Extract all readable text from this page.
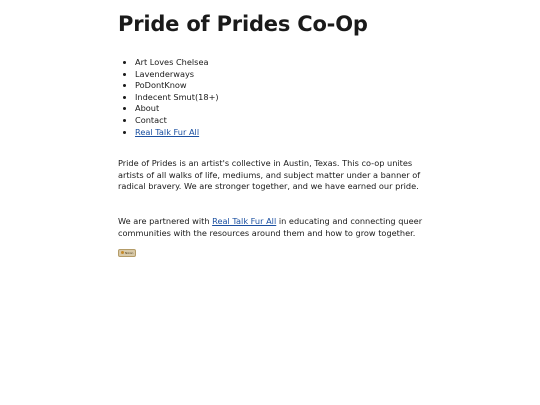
Pride of Prides Co-Op
• Art Loves Chelsea
• Lavenderways
• PoDontKnow
• Indecent Smut(18+)
• About
• Contact
• Real Talk Fur All

Pride of Prides is an artist's collective in Austin, Texas. This co-op unites artists of all walks of life, mediums, and subject matter under a banner of radical bravery. We are stronger together, and we have earned our pride.

We are partnered with Real Talk Fur All in educating and connecting queer communities with the resources around them and how to grow together.

Nikon
